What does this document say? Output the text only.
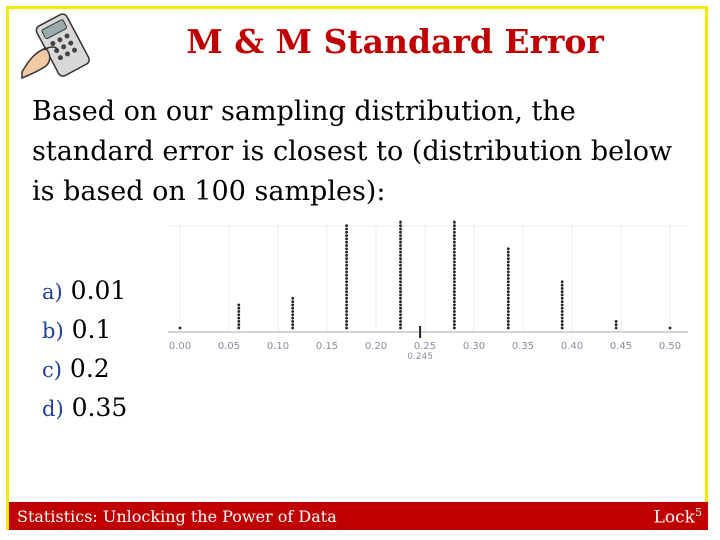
M & M Standard Error
Based on our sampling distribution, the standard error is closest to (distribution below is based on 100 samples):
a) 0.01
b) 0.1
c) 0.2
d) 0.35
0.00	0.05	0.10	0.15	0.20	0.25	0.30	0.35	0.40	0.45	0.50
0.245
Statistics: Unlocking the Power of Data	Lock$^5$
